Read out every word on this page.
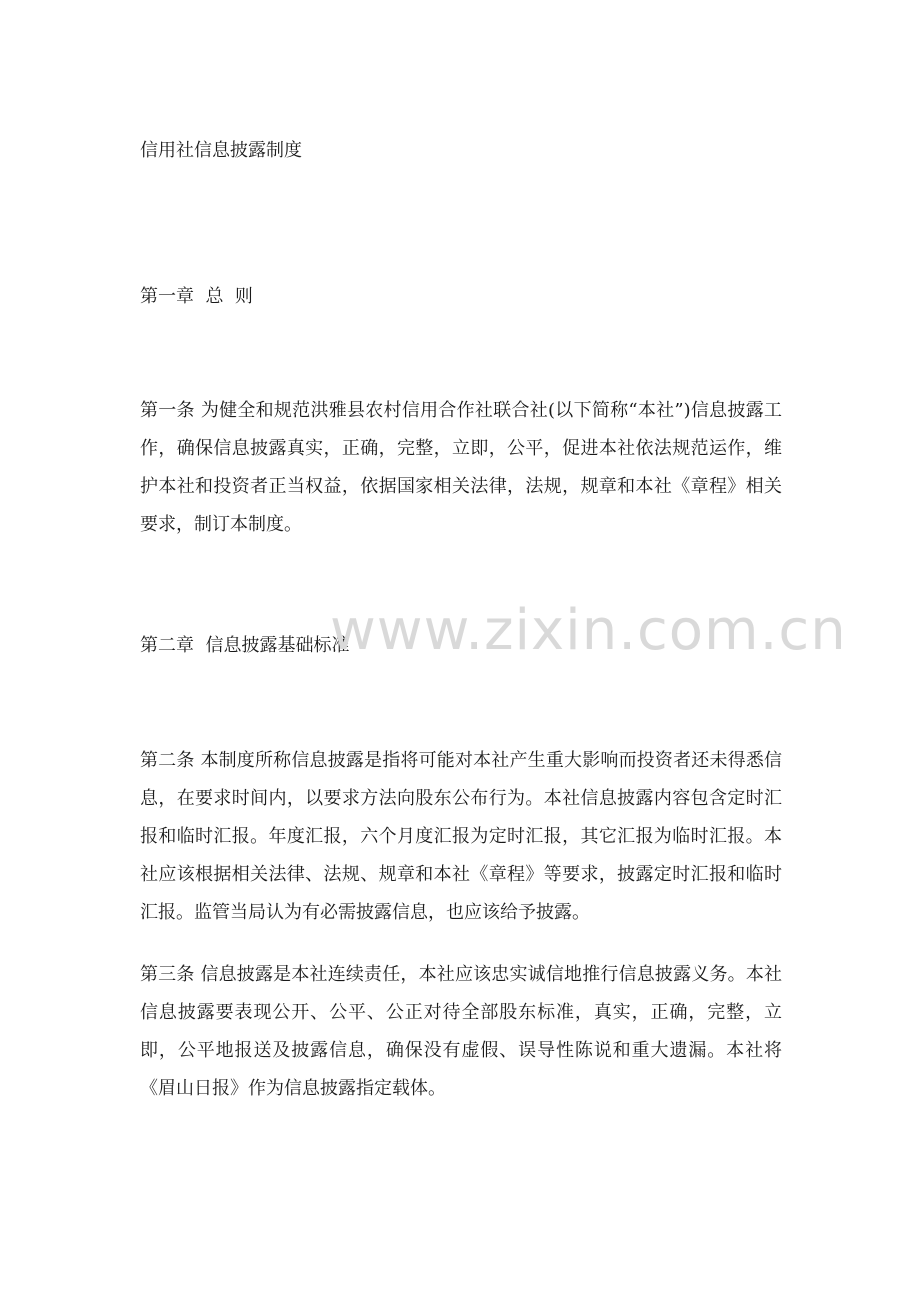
信用社信息披露制度

第一章  总  则

第一条 为健全和规范洪雅县农村信用合作社联合社(以下简称“本社”)信息披露工作，确保信息披露真实，正确，完整，立即，公平，促进本社依法规范运作，维护本社和投资者正当权益，依据国家相关法律，法规，规章和本社《章程》相关要求，制订本制度。

第二章  信息披露基础标准

第二条 本制度所称信息披露是指将可能对本社产生重大影响而投资者还未得悉信息，在要求时间内，以要求方法向股东公布行为。本社信息披露内容包含定时汇报和临时汇报。年度汇报，六个月度汇报为定时汇报，其它汇报为临时汇报。本社应该根据相关法律、法规、规章和本社《章程》等要求，披露定时汇报和临时汇报。监管当局认为有必需披露信息，也应该给予披露。

第三条 信息披露是本社连续责任，本社应该忠实诚信地推行信息披露义务。本社信息披露要表现公开、公平、公正对待全部股东标准，真实，正确，完整，立即，公平地报送及披露信息，确保没有虚假、误导性陈说和重大遗漏。本社将《眉山日报》作为信息披露指定载体。

www.zixin.com.cn
